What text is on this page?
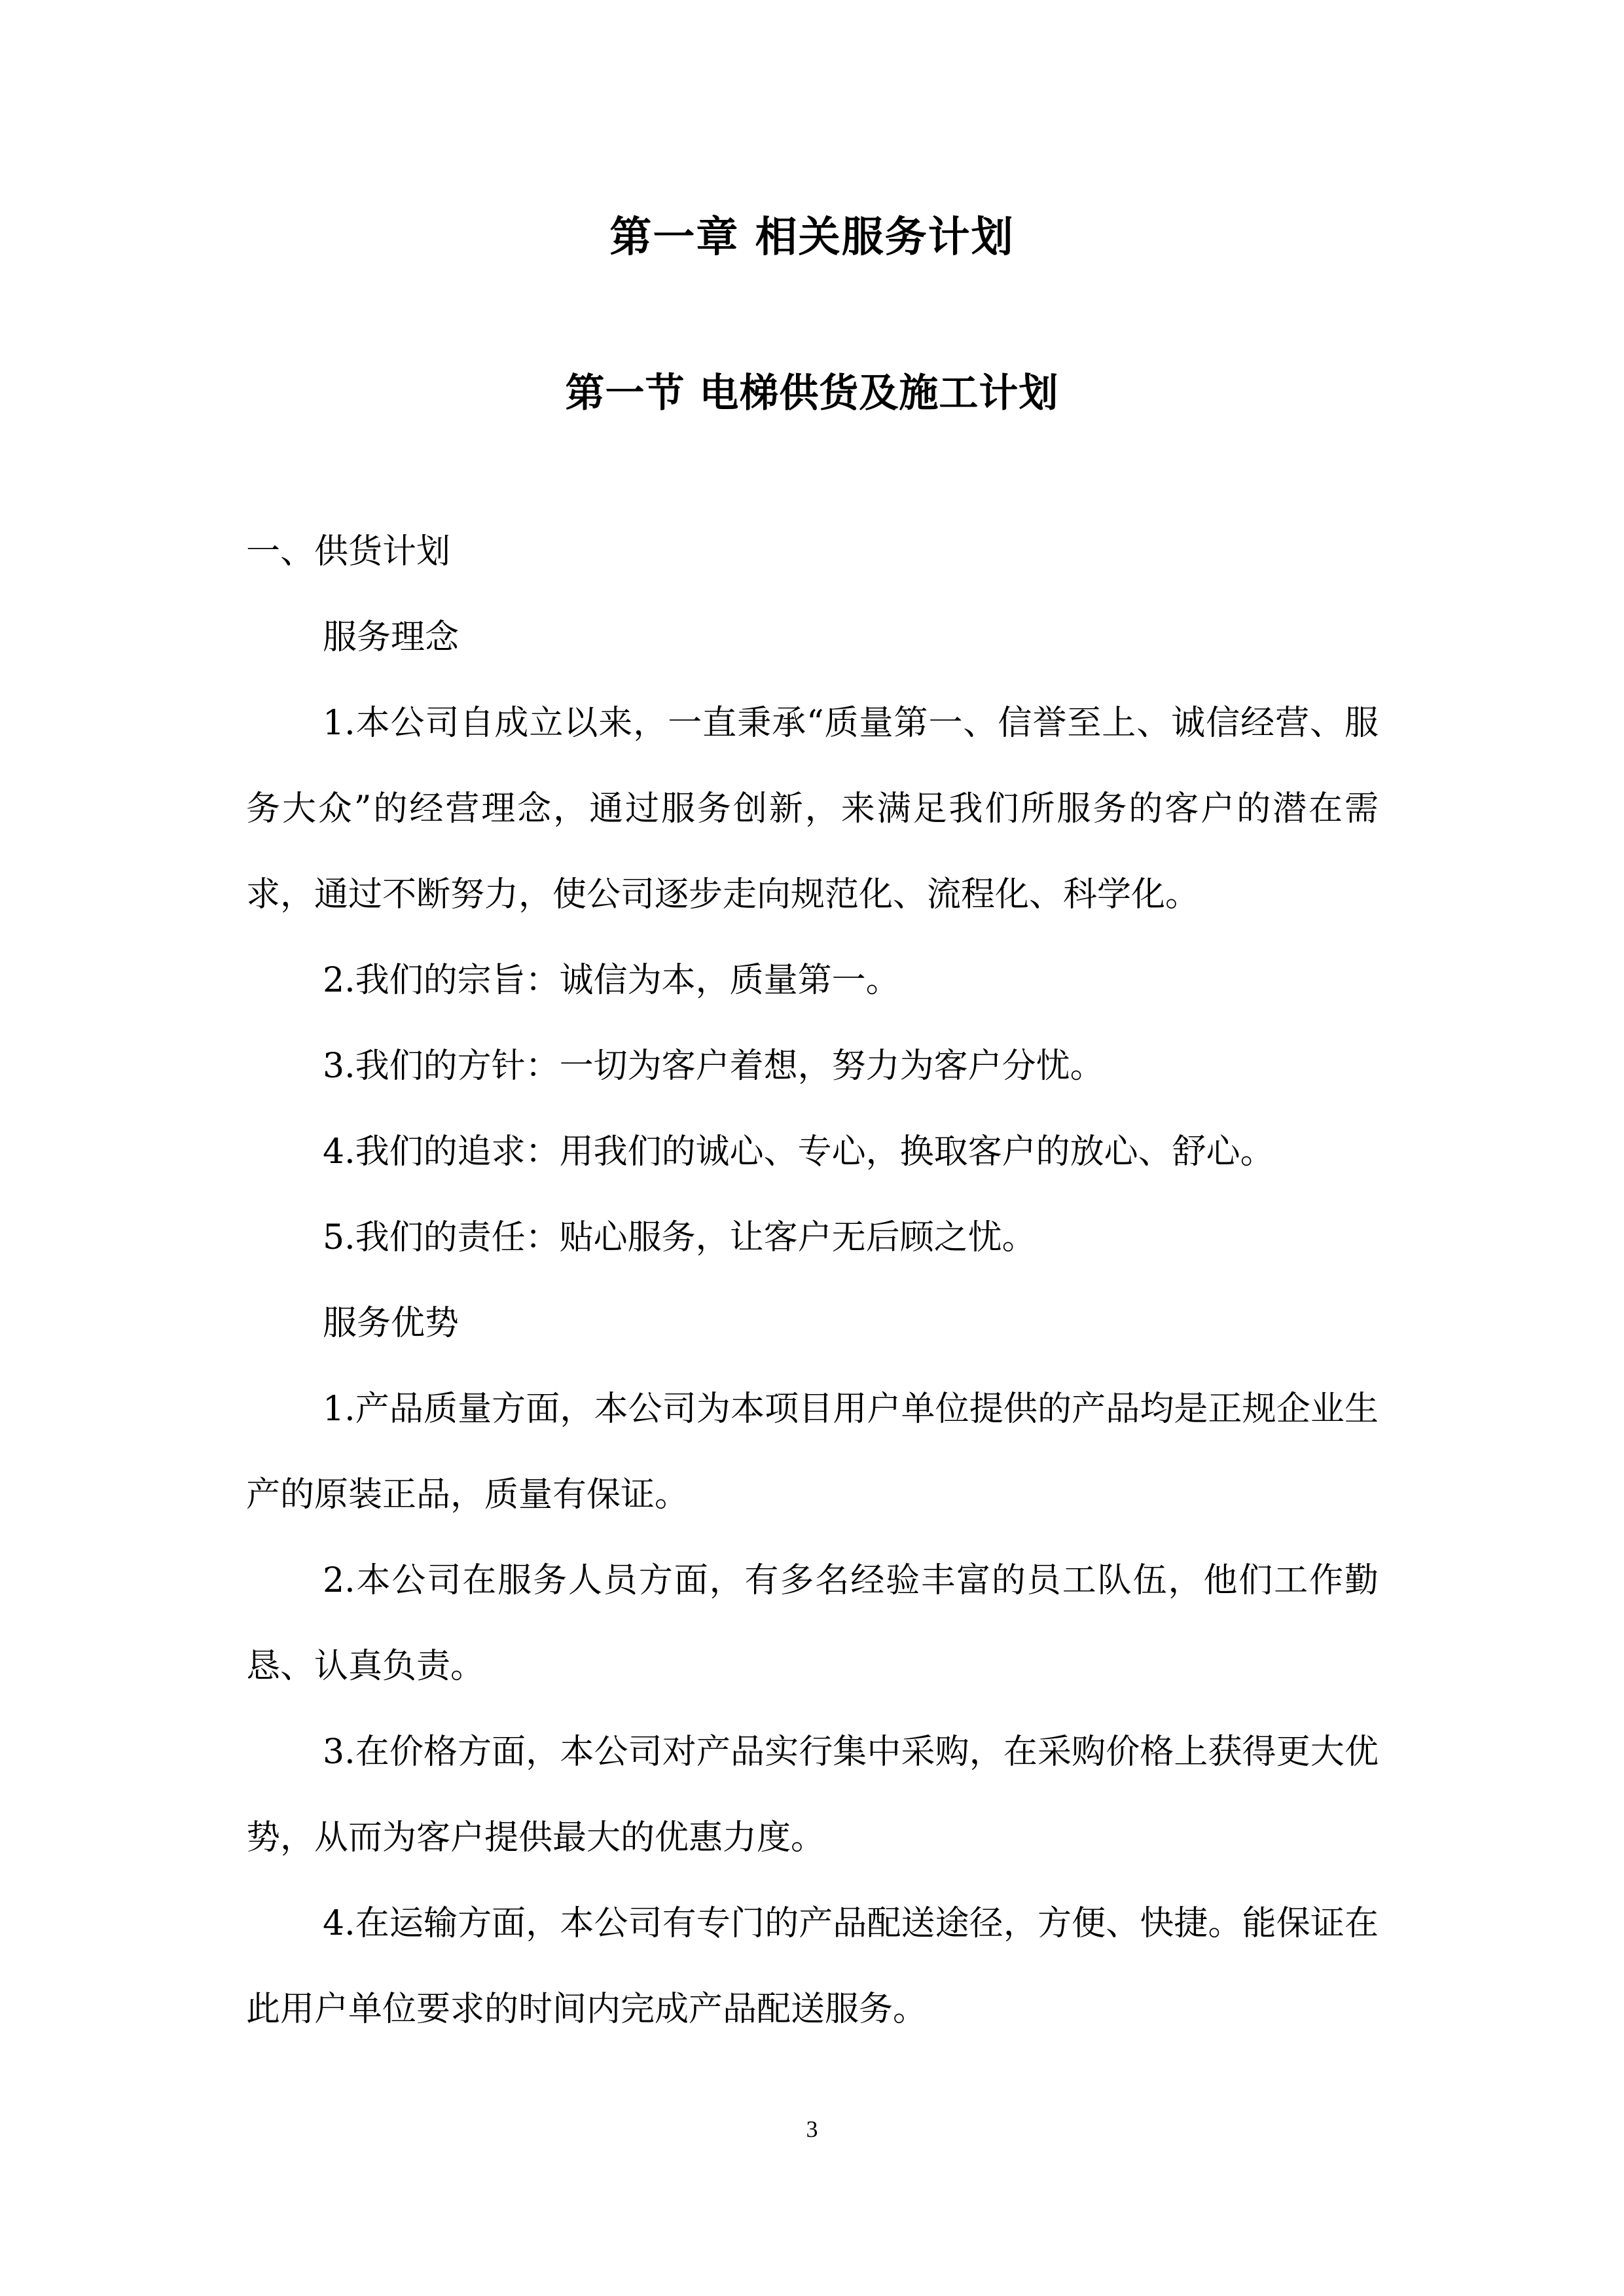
第一章 相关服务计划
第一节 电梯供货及施工计划

一、供货计划

服务理念

1.本公司自成立以来，一直秉承“质量第一、信誉至上、诚信经营、服务大众”的经营理念，通过服务创新，来满足我们所服务的客户的潜在需求，通过不断努力，使公司逐步走向规范化、流程化、科学化。

2.我们的宗旨：诚信为本，质量第一。

3.我们的方针：一切为客户着想，努力为客户分忧。

4.我们的追求：用我们的诚心、专心，换取客户的放心、舒心。

5.我们的责任：贴心服务，让客户无后顾之忧。

服务优势

1.产品质量方面，本公司为本项目用户单位提供的产品均是正规企业生产的原装正品，质量有保证。

2.本公司在服务人员方面，有多名经验丰富的员工队伍，他们工作勤恳、认真负责。

3.在价格方面，本公司对产品实行集中采购，在采购价格上获得更大优势，从而为客户提供最大的优惠力度。

4.在运输方面，本公司有专门的产品配送途径，方便、快捷。能保证在此用户单位要求的时间内完成产品配送服务。

3
